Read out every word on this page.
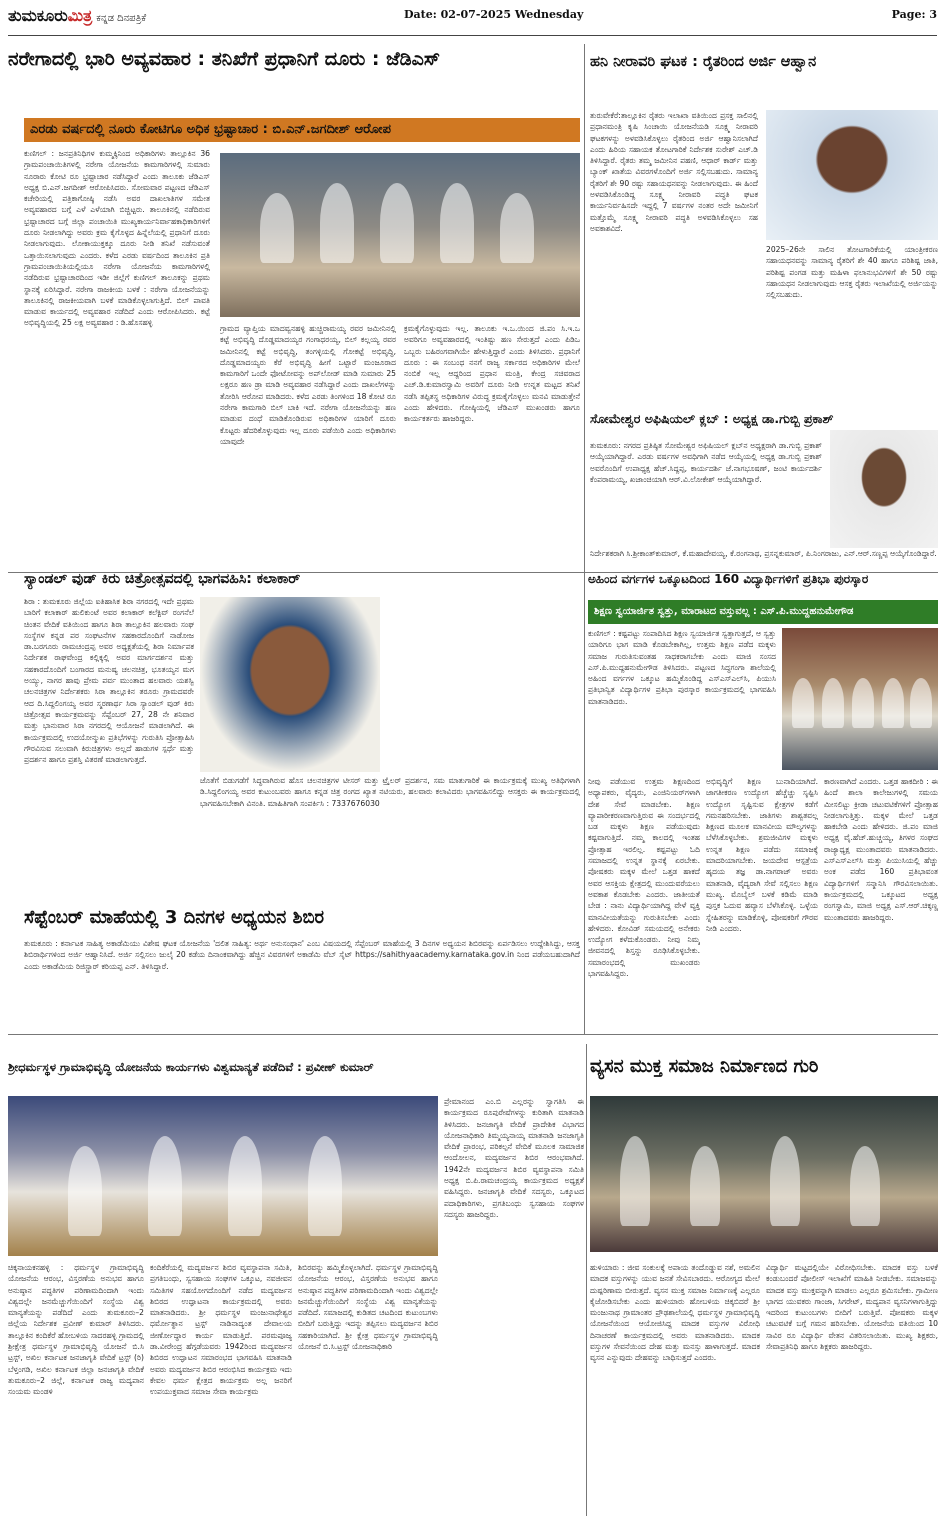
ತುಮಕೂರುಮಿತ್ರ ಕನ್ನಡ ದಿನಪತ್ರಿಕೆ	Date: 02-07-2025 Wednesday	Page: 3
ನರೇಗಾದಲ್ಲಿ ಭಾರಿ ಅವ್ಯವಹಾರ : ತನಿಖೆಗೆ ಪ್ರಧಾನಿಗೆ ದೂರು : ಜೆಡಿಎಸ್
ಎರಡು ವರ್ಷದಲ್ಲಿ ನೂರು ಕೋಟಿಗೂ ಅಧಿಕ ಭ್ರಷ್ಟಾಚಾರ : ಬಿ.ಎನ್.ಜಗದೀಶ್ ಆರೋಪ
ಕುಣಿಗಲ್ : ಜನಪ್ರತಿನಿಧಿಗಳ ಕುಮ್ಮಕ್ಕಿನಿಂದ ಅಧಿಕಾರಿಗಳು ತಾಲ್ಲೂಕಿನ 36 ಗ್ರಾಮಪಂಚಾಯಿತಿಗಳಲ್ಲಿ ನರೇಗಾ ಯೋಜನೆಯ ಕಾಮಗಾರಿಗಳಲ್ಲಿ ಸುಮಾರು ನೂರಾರು ಕೋಟಿ ರೂ ಭ್ರಷ್ಟಾಚಾರ ನಡೆಸಿದ್ದಾರೆ ಎಂದು ತಾಲೂಕು ಜೆಡಿಎಸ್ ಅಧ್ಯಕ್ಷ ಬಿ.ಎನ್.ಜಗದೀಶ್ ಆರೋಪಿಸಿದರು. ಸೋಮವಾರ ಪಟ್ಟಣದ ಜೆಡಿಎಸ್ ಕಚೇರಿಯಲ್ಲಿ ಪತ್ರಿಕಾಗೋಷ್ಠಿ ನಡೆಸಿ ಅವರ ದಾಖಲಾತಿಗಳ ಸಮೇತ ಅವ್ಯವಹಾರದ ಬಗ್ಗೆ ಎಳೆ ಎಳೆಯಾಗಿ ಬಿಚ್ಚಿಟ್ಟರು. ತಾಲೂಕಿನಲ್ಲಿ ನಡೆದಿರುವ ಭ್ರಷ್ಟಾಚಾರದ ಬಗ್ಗೆ ಜಿಲ್ಲಾ ಪಂಚಾಯಿತಿ ಮುಖ್ಯಕಾರ್ಯನಿರ್ವಾಹಕಾಧಿಕಾರಿಗಳಿಗೆ ದೂರು ನೀಡಲಾಗಿದ್ದು ಅವರು ಕ್ರಮ ಕೈಗೊಳ್ಳದ ಹಿನ್ನೆಲೆಯಲ್ಲಿ ಪ್ರಧಾನಿಗೆ ದೂರು ನೀಡಲಾಗುವುದು. ಲೋಕಾಯುಕ್ತಕ್ಕೂ ದೂರು ನೀಡಿ ತನಿಖೆ ನಡೆಸುವಂತೆ ಒತ್ತಾಯಿಸಲಾಗುವುದು ಎಂದರು. ಕಳೆದ ಎರಡು ವರ್ಷದಿಂದ ತಾಲೂಕಿನ ಪ್ರತಿ ಗ್ರಾಮಪಂಚಾಯಿತಿಯಲ್ಲಿಯೂ ನರೇಗಾ ಯೋಜನೆಯ ಕಾಮಗಾರಿಗಳಲ್ಲಿ ನಡೆದಿರುವ ಭ್ರಷ್ಟಾಚಾರದಿಂದ ಇಡೀ ಜಿಲ್ಲೆಗೆ ಕುಣಿಗಲ್ ತಾಲೂಕನ್ನು ಪ್ರಥಮ ಸ್ಥಾನಕ್ಕೆ ಏರಿಸಿದ್ದಾರೆ. ನರೇಗಾ ರಾಜಕೀಯ ಬಳಕೆ : ನರೇಗಾ ಯೋಜನೆಯನ್ನು ತಾಲೂಕಿನಲ್ಲಿ ರಾಜಕೀಯವಾಗಿ ಬಳಕೆ ಮಾಡಿಕೊಳ್ಳಲಾಗುತ್ತಿದೆ. ಬಿಲ್ ಪಾವತಿ ಮಾಡುವ ಕಾರ್ಯದಲ್ಲಿ ಅವ್ಯವಹಾರ ನಡೆದಿದೆ ಎಂದು ಆರೋಪಿಸಿದರು. ಕಟ್ಟೆ ಅಭಿವೃದ್ಧಿಯಲ್ಲಿ 25 ಲಕ್ಷ ಅವ್ಯವಹಾರ : ಡಿ.ಹೊಸಹಳ್ಳಿ
ಗ್ರಾಮದ ವ್ಯಾಪ್ತಿಯ ಮಾದವ್ವನಹಳ್ಳಿ ಹುಚ್ಚಿರಾಮಯ್ಯ ರವರ ಜಮೀನಿನಲ್ಲಿ ಕಟ್ಟೆ ಅಭಿವೃದ್ಧಿ ದೊಡ್ಡಮಾದಯ್ಯರ ಗಂಗಾಧರಯ್ಯ, ಬಿಲ್ ಕಲ್ಲಯ್ಯ ರವರ ಜಮೀನಿನಲ್ಲಿ ಕಟ್ಟೆ ಅಭಿವೃದ್ಧಿ, ತಂಗಳ್ಳಿಯಲ್ಲಿ ಗೋಕಟ್ಟೆ ಅಭಿವೃದ್ಧಿ, ದೊಡ್ಡಮಾದಯ್ಯರು ಕೆರೆ ಅಭಿವೃದ್ಧಿ ಹೀಗೆ ಒಟ್ಟಾರೆ ಮಂಜೂರಾದ ಕಾಮಗಾರಿಗೆ ಒಂದೇ ಫೋಟೋವನ್ನು ಅಪ್‌ಲೋಡ್ ಮಾಡಿ ಸುಮಾರು 25 ಲಕ್ಷರೂ ಹಣ ಡ್ರಾ ಮಾಡಿ ಅವ್ಯವಹಾರ ನಡೆಸಿದ್ದಾರೆ ಎಂದು ದಾಖಲೆಗಳನ್ನು ತೋರಿಸಿ ಆರೋಪ ಮಾಡಿದರು. ಕಳೆದ ಎರಡು ತಿಂಗಳಿಂದ 18 ಕೋಟಿ ರೂ ನರೇಗಾ ಕಾಮಗಾರಿ ಬಿಲ್ ಬಾಕಿ ಇದೆ. ನರೇಗಾ ಯೋಜನೆಯನ್ನು ಹಣ ಮಾಡುವ ದಂಧೆ ಮಾಡಿಕೊಂಡಿರುವ ಅಧಿಕಾರಿಗಳ ಯಾರಿಗೆ ದೂರು ಕೊಟ್ಟರು ಹೆದರಿಕೊಳ್ಳುವುದು ಇಲ್ಲ ದೂರು ಪಡೆಯಿರಿ ಎಂದು ಅಧಿಕಾರಿಗಳು ಯಾವುದೇ
ಕ್ರಮಕೈಗೊಳ್ಳುವುದು ಇಲ್ಲ. ತಾಲೂಕು ಇ.ಒ.ಯಿಂದ ಜಿ.ಪಂ ಸಿ.ಇ.ಒ ಅವರಿಗೂ ಅವ್ಯವಹಾರದಲ್ಲಿ ಇಂತಿಷ್ಟು ಹಣ ಸೇರುತ್ತದೆ ಎಂದು ಪಿಡಿಒ ಒಬ್ಬರು ಬಹಿರಂಗವಾಗಿಯೇ ಹೇಳುತ್ತಿದ್ದಾರೆ ಎಂದು ತಿಳಿಸಿದರು. ಪ್ರಧಾನಿಗೆ ದೂರು : ಈ ಸಂಬಂಧ ನನಗೆ ರಾಜ್ಯ ಸರ್ಕಾರದ ಅಧಿಕಾರಿಗಳ ಮೇಲೆ ನಂಬಿಕೆ ಇಲ್ಲ ಆದ್ದರಿಂದ ಪ್ರಧಾನ ಮಂತ್ರಿ, ಕೇಂದ್ರ ಸಚಿವರಾದ ಎಚ್.ಡಿ.ಕುಮಾರಸ್ವಾಮಿ ಅವರಿಗೆ ದೂರು ನೀಡಿ ಉನ್ನತ ಮಟ್ಟದ ತನಿಖೆ ನಡೆಸಿ ತಪ್ಪಿತಸ್ಥ ಅಧಿಕಾರಿಗಳ ವಿರುದ್ಧ ಕ್ರಮಕೈಗೊಳ್ಳಲು ಮನವಿ ಮಾಡುತ್ತೇನೆ ಎಂದು ಹೇಳಿದರು. ಗೋಷ್ಠಿಯಲ್ಲಿ ಜೆಡಿಎಸ್ ಮುಖಂಡರು ಹಾಗೂ ಕಾರ್ಯಕರ್ತರು ಹಾಜರಿದ್ದರು.
ಹನಿ ನೀರಾವರಿ ಘಟಕ : ರೈತರಿಂದ ಅರ್ಜಿ ಆಹ್ವಾನ
ತುರುವೇಕೆರೆ:ತಾಲ್ಲೂಕಿನ ರೈತರು ಇಲಾಖಾ ವತಿಯಿಂದ ಪ್ರಸಕ್ತ ಸಾಲಿನಲ್ಲಿ ಪ್ರಧಾನಮಂತ್ರಿ ಕೃಷಿ ಸಿಂಚಾಯಿ ಯೋಜನೆಯಡಿ ಸೂಕ್ಷ್ಮ ನೀರಾವರಿ ಘಟಕಗಳನ್ನು ಅಳವಡಿಸಿಕೊಳ್ಳಲು ರೈತರಿಂದ ಅರ್ಜಿ ಆಹ್ವಾನಿಸಲಾಗಿದೆ ಎಂದು ಹಿರಿಯ ಸಹಾಯಕ ತೋಟಗಾರಿಕೆ ನಿರ್ದೇಶಕ ಸುರೇಶ್ ಎಚ್.ಡಿ ತಿಳಿಸಿದ್ದಾರೆ. ರೈತರು ತಮ್ಮ ಜಮೀನಿನ ಪಹಣಿ, ಆಧಾರ್ ಕಾರ್ಡ್ ಮತ್ತು ಬ್ಯಾಂಕ್ ಖಾತೆಯ ವಿವರಗಳೊಂದಿಗೆ ಅರ್ಜಿ ಸಲ್ಲಿಸಬಹುದು. ಸಾಮಾನ್ಯ ರೈತರಿಗೆ ಶೇ 90 ರಷ್ಟು ಸಹಾಯಧನವನ್ನು ನೀಡಲಾಗುವುದು. ಈ ಹಿಂದೆ ಅಳವಡಿಸಿಕೊಂಡಿದ್ದ ಸೂಕ್ಷ್ಮ ನೀರಾವರಿ ಪದ್ಧತಿ ಘಟಕ ಕಾರ್ಯನಿರ್ವಹಿಸದೇ ಇದ್ದಲ್ಲಿ 7 ವರ್ಷಗಳ ನಂತರ ಅದೇ ಜಮೀನಿಗೆ ಮತ್ತೊಮ್ಮೆ ಸೂಕ್ಷ್ಮ ನೀರಾವರಿ ಪದ್ಧತಿ ಅಳವಡಿಸಿಕೊಳ್ಳಲು ಸಹ ಅವಕಾಶವಿದೆ.
2025–26ನೇ ಸಾಲಿನ ತೋಟಗಾರಿಕೆಯಲ್ಲಿ ಯಾಂತ್ರೀಕರಣ ಸಹಾಯಧನವನ್ನು ಸಾಮಾನ್ಯ ರೈತರಿಗೆ ಶೇ 40 ಹಾಗೂ ಪರಿಶಿಷ್ಟ ಜಾತಿ, ಪರಿಶಿಷ್ಟ ಪಂಗಡ ಮತ್ತು ಮಹಿಳಾ ಫಲಾನುಭವಿಗಳಿಗೆ ಶೇ 50 ರಷ್ಟು ಸಹಾಯಧನ ನೀಡಲಾಗುವುದು ಆಸಕ್ತ ರೈತರು ಇಲಾಖೆಯಲ್ಲಿ ಅರ್ಜಿಯನ್ನು ಸಲ್ಲಿಸಬಹುದು.
ಸೋಮೇಶ್ವರ ಅಫಿಷಿಯಲ್ ಕ್ಲಬ್ : ಅಧ್ಯಕ್ಷ ಡಾ.ಗುಬ್ಬಿ ಪ್ರಕಾಶ್
ತುಮಕೂರು: ನಗರದ ಪ್ರತಿಷ್ಠಿತ ಸೋಮೇಶ್ವರ ಅಫಿಷಿಯಲ್ ಕ್ಲಬ್‌ನ ಅಧ್ಯಕ್ಷರಾಗಿ ಡಾ.ಗುಬ್ಬಿ ಪ್ರಕಾಶ್ ಆಯ್ಕೆಯಾಗಿದ್ದಾರೆ. ಎರಡು ವರ್ಷಗಳ ಅವಧಿಗಾಗಿ ನಡೆದ ಆಯ್ಕೆಯಲ್ಲಿ ಅಧ್ಯಕ್ಷ ಡಾ.ಗುಬ್ಬಿ ಪ್ರಕಾಶ್ ಅವರೊಂದಿಗೆ ಉಪಾಧ್ಯಕ್ಷ ಹೆಚ್.ಸಿದ್ದಪ್ಪ, ಕಾರ್ಯದರ್ಶಿ ಜೆ.ನಾಗಭೂಷಣ್, ಜಂಟಿ ಕಾರ್ಯದರ್ಶಿ ಕೆಂಪರಾಮಯ್ಯ, ಖಜಾಂಚಿಯಾಗಿ ಆರ್.ವಿ.ಲೋಕೇಶ್ ಆಯ್ಕೆಯಾಗಿದ್ದಾರೆ.
ನಿರ್ದೇಶಕರಾಗಿ ಸಿ.ಶ್ರೀಕಾಂತ್‌ಕುಮಾರ್, ಕೆ.ಮಹಾದೇವಯ್ಯ, ಕೆ.ರಂಗನಾಥ, ಪ್ರಸನ್ನಕುಮಾರ್, ಪಿ.ನಿಂಗರಾಜು, ಎನ್.ಆರ್.ಸಣ್ಣಪ್ಪ ಆಯ್ಕೆಗೊಂಡಿದ್ದಾರೆ.
ಸ್ಯಾಂಡಲ್ ವುಡ್ ಕಿರು ಚಿತ್ರೋತ್ಸವದಲ್ಲಿ ಭಾಗವಹಿಸಿ: ಕಲಾಕಾರ್
ಶಿರಾ : ತುಮಕೂರು ಜಿಲ್ಲೆಯ ಐತಿಹಾಸಿಕ ಶಿರಾ ನಗರದಲ್ಲಿ ಇದೇ ಪ್ರಥಮ ಬಾರಿಗೆ ಕಲಾಕಾರ್ ಹುಲಿಕುಂಟೆ ಅವರ ಕಲಾಕಾರ್ ಕಲೆಕ್ಟಿವ್ ರಂಗನೆಲೆ ಚಿಂತನ ವೇದಿಕೆ ವತಿಯಿಂದ ಹಾಗೂ ಶಿರಾ ತಾಲ್ಲೂಕಿನ ಹಲವಾರು ಸಂಘ ಸಂಸ್ಥೆಗಳ ಕನ್ನಡ ಪರ ಸಂಘಟನೆಗಳ ಸಹಕಾರದೊಂದಿಗೆ ನಾಡೋಜ ಡಾ.ಬರಗೂರು ರಾಮಚಂದ್ರಪ್ಪ ಅವರ ಅಧ್ಯಕ್ಷತೆಯಲ್ಲಿ ಶಿರಾ ನಿರ್ಮಾಪಕ ನಿರ್ದೇಶಕ ರಾಘವೇಂದ್ರ ಕಲ್ಲಿಕ್ಕಲ್ಲಿ ಅವರ ಮಾರ್ಗದರ್ಶನ ಮತ್ತು ಸಹಕಾರದೊಂದಿಗೆ ಬಂಗಾರದ ಮನುಷ್ಯ ಚಲನಚಿತ್ರ, ಭೂತಯ್ಯನ ಮಗ ಅಯ್ಯು, ನಾಗರ ಹಾವು ಪ್ರೇಮ ಪರ್ವ ಮುಂತಾದ ಹಲವಾರು ಯಶಸ್ವಿ ಚಲನಚಿತ್ರಗಳ ನಿರ್ದೇಶಕರು ಸಿರಾ ತಾಲ್ಲೂಕಿನ ತರೂರು ಗ್ರಾಮದವರೇ ಆದ ದಿ.ಸಿದ್ದಲಿಂಗಯ್ಯ ಅವರ ಸ್ಮರಣಾರ್ಥ ಸಿರಾ ಸ್ಯಾಂಡಲ್ ವುಡ್ ಕಿರು ಚಿತ್ರೋತ್ಸವ ಕಾರ್ಯಕ್ರಮವನ್ನು ಸೆಪ್ಟೆಂಬರ್ 27, 28 ನೇ ಶನಿವಾರ ಮತ್ತು ಭಾನುವಾರ ಸಿರಾ ನಗರದಲ್ಲಿ ಆಯೋಜನೆ ಮಾಡಲಾಗಿದೆ. ಈ ಕಾರ್ಯಕ್ರಮದಲ್ಲಿ ಉದಯೋನ್ಮುಖ ಪ್ರತಿಭೆಗಳನ್ನು ಗುರುತಿಸಿ ಪ್ರೋತ್ಸಾಹಿಸಿ ಗೌರವಿಸುವ ಸಲುವಾಗಿ ಕಿರುಚಿತ್ರಗಳು ಅಲ್ಲದೆ ಹಾಡುಗಳ ಸ್ಪರ್ಧೆ ಮತ್ತು ಪ್ರದರ್ಶನ ಹಾಗೂ ಪ್ರಶಸ್ತಿ ವಿತರಣೆ ಮಾಡಲಾಗುತ್ತದೆ.
ಜೊತೆಗೆ ಬಿಡುಗಡೆಗೆ ಸಿದ್ಧವಾಗಿರುವ ಹೊಸ ಚಲನಚಿತ್ರಗಳ ಟೀಸರ್ ಮತ್ತು ಟ್ರೈಲರ್ ಪ್ರದರ್ಶನ, ಸಮ ಮಾತುಗಾರಿಕೆ ಈ ಕಾರ್ಯಕ್ರಮಕ್ಕೆ ಮುಖ್ಯ ಅತಿಥಿಗಳಾಗಿ ಡಿ.ಸಿದ್ದಲಿಂಗಯ್ಯ ಅವರ ಕುಟುಂಬವರು ಹಾಗೂ ಕನ್ನಡ ಚಿತ್ರ ರಂಗದ ಖ್ಯಾತ ನಟಿಯರು, ಹಲವಾರು ಕಲಾವಿದರು ಭಾಗವಹಿಸಲಿದ್ದು ಆಸಕ್ತರು ಈ ಕಾರ್ಯಕ್ರಮದಲ್ಲಿ ಭಾಗವಹಿಸಬೇಕಾಗಿ ವಿನಂತಿ. ಮಾಹಿತಿಗಾಗಿ ಸಂಪರ್ಕಿಸಿ : 7337676030
ಸೆಪ್ಟೆಂಬರ್ ಮಾಹೆಯಲ್ಲಿ 3 ದಿನಗಳ ಅಧ್ಯಯನ ಶಿಬಿರ
ತುಮಕೂರು : ಕರ್ನಾಟಕ ಸಾಹಿತ್ಯ ಅಕಾಡೆಮಿಯು ವಿಶೇಷ ಘಟಕ ಯೋಜನೆಯ 'ದಲಿತ ಸಾಹಿತ್ಯ: ಅರ್ಥ ಅನುಸಂಧಾನ' ಎಂಬ ವಿಷಯದಲ್ಲಿ ಸೆಪ್ಟೆಂಬರ್ ಮಾಹೆಯಲ್ಲಿ 3 ದಿನಗಳ ಅಧ್ಯಯನ ಶಿಬಿರವನ್ನು ಏರ್ಪಡಿಸಲು ಉದ್ದೇಶಿಸಿದ್ದು, ಆಸಕ್ತ ಶಿಬಿರಾರ್ಥಿಗಳಿಂದ ಅರ್ಜಿ ಆಹ್ವಾನಿಸಿದೆ. ಅರ್ಜಿ ಸಲ್ಲಿಸಲು ಜುಲೈ 20 ಕಡೆಯ ದಿನಾಂಕವಾಗಿದ್ದು ಹೆಚ್ಚಿನ ವಿವರಗಳಿಗೆ ಅಕಾಡೆಮಿ ವೆಬ್ ಸೈಟ್ https://sahithyaacademy.karnataka.gov.in ನಿಂದ ಪಡೆಯಬಹುದಾಗಿದೆ ಎಂದು ಅಕಾಡೆಮಿಯ ರಿಜಿಸ್ಟ್ರಾರ್ ಕರಿಯಪ್ಪ ಎನ್. ತಿಳಿಸಿದ್ದಾರೆ.
ಅಹಿಂದ ವರ್ಗಗಳ ಒಕ್ಕೂಟದಿಂದ 160 ವಿದ್ಯಾರ್ಥಿಗಳಿಗೆ ಪ್ರತಿಭಾ ಪುರಸ್ಕಾರ
ಶಿಕ್ಷಣ ಸ್ವಯಾರ್ಜಿತ ಸ್ವತ್ತು, ಮಾರಾಟದ ವಸ್ತುವಲ್ಲ : ಎಸ್.ಪಿ.ಮುದ್ದಹನುಮೇಗೌಡ
ಕುಣಿಗಲ್ : ಕಷ್ಟಪಟ್ಟು ಸಂಪಾದಿಸಿದ ಶಿಕ್ಷಣ ಸ್ವಯಾರ್ಜಿತ ಸ್ವತ್ತಾಗುತ್ತದೆ, ಆ ಸ್ವತ್ತು ಯಾರಿಗೂ ಭಾಗ ಮಾಡಿ ಕೊಡಬೇಕಾಗಿಲ್ಲ, ಉತ್ತಮ ಶಿಕ್ಷಣ ಪಡೆದ ಮಕ್ಕಳು ಸಮಾಜ ಗುರುತಿಸುವಂತಹ ಸಾಧಕರಾಗಬೇಕು ಎಂದು ಮಾಜಿ ಸಂಸದ ಎಸ್.ಪಿ.ಮುದ್ದಹನುಮೇಗೌಡ ತಿಳಿಸಿದರು. ಪಟ್ಟಣದ ಸಿದ್ಧಗಂಗಾ ಶಾಲೆಯಲ್ಲಿ ಅಹಿಂದ ವರ್ಗಗಳ ಒಕ್ಕೂಟ ಹಮ್ಮಿಕೊಂಡಿದ್ದ ಎಸ್ಎಸ್ಎಲ್‌ಸಿ, ಪಿಯುಸಿ ಪ್ರತಿಭಾನ್ವಿತ ವಿದ್ಯಾರ್ಥಿಗಳ ಪ್ರತಿಭಾ ಪುರಸ್ಕಾರ ಕಾರ್ಯಕ್ರಮದಲ್ಲಿ ಭಾಗವಹಿಸಿ ಮಾತನಾಡಿದರು.
ನೀವು ಪಡೆಯುವ ಉತ್ತಮ ಶಿಕ್ಷಣದಿಂದ ಅಧ್ಯಾಪಕರು, ವೈದ್ಯರು, ಎಂಜಿನಿಯರ್‌ಗಳಾಗಿ ದೇಶ ಸೇವೆ ಮಾಡಬೇಕು. ಶಿಕ್ಷಣ ವ್ಯಾಪಾರೀಕರಣವಾಗುತ್ತಿರುವ ಈ ಸಂದರ್ಭದಲ್ಲಿ ಬಡ ಮಕ್ಕಳು ಶಿಕ್ಷಣ ಪಡೆಯುವುದು ಕಷ್ಟವಾಗುತ್ತಿದೆ. ನಮ್ಮ ಕಾಲದಲ್ಲಿ ಇಂತಹ ಪ್ರೋತ್ಸಾಹ ಇರಲಿಲ್ಲ. ಕಷ್ಟಪಟ್ಟು ಓದಿ ಸಮಾಜದಲ್ಲಿ ಉನ್ನತ ಸ್ಥಾನಕ್ಕೆ ಏರಬೇಕು. ಪೋಷಕರು ಮಕ್ಕಳ ಮೇಲೆ ಒತ್ತಡ ಹಾಕದೆ ಅವರ ಆಸಕ್ತಿಯ ಕ್ಷೇತ್ರದಲ್ಲಿ ಮುಂದುವರೆಯಲು ಅವಕಾಶ ಕೊಡಬೇಕು ಎಂದರು. ಜಾತೀಯತೆ ಬೇಡ : ನಾನು ವಿದ್ಯಾರ್ಥಿಯಾಗಿದ್ದ ವೇಳೆ ವ್ಯಕ್ತಿ ಮಾನವೀಯತೆಯನ್ನು ಗುರುತಿಸಬೇಕು ಎಂದು ಹೇಳಿದರು. ಕೋವಿಡ್ ಸಮಯದಲ್ಲಿ ಅನೇಕರು ಉದ್ಯೋಗ ಕಳೆದುಕೊಂಡರು. ನೀವು ನಿಮ್ಮ ಜೀವನದಲ್ಲಿ ಶಿಸ್ತನ್ನು ರೂಢಿಸಿಕೊಳ್ಳಬೇಕು. ಸಮಾರಂಭದಲ್ಲಿ ಮುಖಂಡರು ಭಾಗವಹಿಸಿದ್ದರು.
ಅಭಿವೃದ್ಧಿಗೆ ಶಿಕ್ಷಣ ಬುನಾದಿಯಾಗಿದೆ. ಜಾಗತೀಕರಣ ಉದ್ಯೋಗ ಹೆಚ್ಚೆಚ್ಚು ಸೃಷ್ಟಿಸಿ ಉದ್ಯೋಗ ಸೃಷ್ಟಿಸುವ ಕ್ಷೇತ್ರಗಳ ಕಡೆಗೆ ಗಮನಹರಿಸಬೇಕು. ಜಾತಿಗಳು ಶಾಶ್ವತವಲ್ಲ ಶಿಕ್ಷಣದ ಮೂಲಕ ಮಾನವೀಯ ಮೌಲ್ಯಗಳನ್ನು ಬೆಳೆಸಿಕೊಳ್ಳಬೇಕು. ಶ್ರಮಜೀವಿಗಳ ಮಕ್ಕಳು ಉನ್ನತ ಶಿಕ್ಷಣ ಪಡೆದು ಸಮಾಜಕ್ಕೆ ಮಾದರಿಯಾಗಬೇಕು. ಜಯದೇವ ಆಸ್ಪತ್ರೆಯ ಹೃದಯ ತಜ್ಞ ಡಾ.ನಾಗರಾಜ್ ಅವರು ಮಾತನಾಡಿ, ವೈದ್ಯರಾಗಿ ಸೇವೆ ಸಲ್ಲಿಸಲು ಶಿಕ್ಷಣ ಮುಖ್ಯ. ಮೊಬೈಲ್ ಬಳಕೆ ಕಡಿಮೆ ಮಾಡಿ ಪುಸ್ತಕ ಓದುವ ಹವ್ಯಾಸ ಬೆಳೆಸಿಕೊಳ್ಳಿ. ಒಳ್ಳೆಯ ಸ್ನೇಹಿತರನ್ನು ಮಾಡಿಕೊಳ್ಳಿ, ಪೋಷಕರಿಗೆ ಗೌರವ ನೀಡಿ ಎಂದರು.
ಕಾರಣವಾಗಿದೆ ಎಂದರು. ಒತ್ತಡ ಹಾಕದೀರಿ : ಈ ಹಿಂದೆ ಶಾಲಾ ಕಾಲೇಜುಗಳಲ್ಲಿ ಸಮಯ ಮೀಸಲಿಟ್ಟು ಕ್ರೀಡಾ ಚಟುವಟಿಕೆಗಳಿಗೆ ಪ್ರೋತ್ಸಾಹ ನೀಡಲಾಗುತ್ತಿತ್ತು. ಮಕ್ಕಳ ಮೇಲೆ ಒತ್ತಡ ಹಾಕಬೇಡಿ ಎಂದು ಹೇಳಿದರು. ಜಿ.ಪಂ ಮಾಜಿ ಅಧ್ಯಕ್ಷ ವೈ.ಹೆಚ್.ಹುಚ್ಚಯ್ಯ, ತಿಗಳರ ಸಂಘದ ರಾಜ್ಯಾಧ್ಯಕ್ಷ ಮುಂತಾದವರು ಮಾತನಾಡಿದರು. ಎಸ್‌ಎಸ್‌ಎಲ್‌ಸಿ ಮತ್ತು ಪಿಯುಸಿಯಲ್ಲಿ ಹೆಚ್ಚು ಅಂಕ ಪಡೆದ 160 ಪ್ರತಿಭಾವಂತ ವಿದ್ಯಾರ್ಥಿಗಳಿಗೆ ಸನ್ಮಾನಿಸಿ ಗೌರವಿಸಲಾಯಿತು. ಕಾರ್ಯಕ್ರಮದಲ್ಲಿ ಒಕ್ಕೂಟದ ಅಧ್ಯಕ್ಷ ರಂಗಸ್ವಾಮಿ, ಮಾಜಿ ಅಧ್ಯಕ್ಷ ಎಸ್.ಆರ್.ಚಿಕ್ಕಣ್ಣ ಮುಂತಾದವರು ಹಾಜರಿದ್ದರು.
ಶ್ರೀಧರ್ಮಸ್ಥಳ ಗ್ರಾಮಾಭಿವೃದ್ಧಿ ಯೋಜನೆಯ ಕಾರ್ಯಗಳು ವಿಶ್ವಮಾನ್ಯತೆ ಪಡೆದಿವೆ : ಪ್ರವೀಣ್ ಕುಮಾರ್
ಚಿಕ್ಕನಾಯಕನಹಳ್ಳಿ : ಧರ್ಮಸ್ಥಳ ಗ್ರಾಮಾಭಿವೃದ್ಧಿ ಯೋಜನೆಯ ಆರಂಭ, ವಿಸ್ತರಣೆಯ ಅನುಭವ ಹಾಗೂ ಅನುಷ್ಠಾನ ಪದ್ಧತಿಗಳ ಪರಿಣಾಮದಿಂದಾಗಿ ಇಂದು ವಿಶ್ವದಲ್ಲೇ ಜನಮೆಚ್ಚುಗೆಯಿಂದಿಗೆ ಸಂಸ್ಥೆಯ ವಿಶ್ವ ಮಾನ್ಯತೆಯನ್ನು ಪಡೆದಿದೆ ಎಂದು ತುಮಕೂರು–2 ಜಿಲ್ಲೆಯ ನಿರ್ದೇಶಕ ಪ್ರವೀಣ್ ಕುಮಾರ್ ತಿಳಿಸಿದರು. ತಾಲ್ಲೂಕಿನ ಕಂದಿಕೆರೆ ಹೋಬಳಿಯ ಸಾದರಹಳ್ಳಿ ಗ್ರಾಮದಲ್ಲಿ ಶ್ರೀಕ್ಷೇತ್ರ ಧರ್ಮಸ್ಥಳ ಗ್ರಾಮಾಭಿವೃದ್ಧಿ ಯೋಜನೆ ಬಿ.ಸಿ ಟ್ರಸ್ಟ್, ಅಖಿಲ ಕರ್ನಾಟಕ ಜನಜಾಗೃತಿ ವೇದಿಕೆ ಟ್ರಸ್ಟ್ (ರಿ) ಬೆಳ್ತಂಗಡಿ, ಅಖಿಲ ಕರ್ನಾಟಕ ಜಿಲ್ಲಾ ಜನಜಾಗೃತಿ ವೇದಿಕೆ ತುಮಕೂರು–2 ಜಿಲ್ಲೆ, ಕರ್ನಾಟಕ ರಾಜ್ಯ ಮದ್ಯಪಾನ ಸಂಯಮ ಮಂಡಳಿ
ಕಂದಿಕೆರೆಯಲ್ಲಿ ಮದ್ಯವರ್ಜನ ಶಿಬಿರ ವ್ಯವಸ್ಥಾಪನಾ ಸಮಿತಿ, ಪ್ರಗತಿಬಂಧು, ಸ್ವಸಹಾಯ ಸಂಘಗಳ ಒಕ್ಕೂಟ, ನವಜೀವನ ಸಮಿತಿಗಳ ಸಹಯೋಗದೊಂದಿಗೆ ನಡೆದ ಮದ್ಯವರ್ಜನ ಶಿಬಿರದ ಉದ್ಘಾಟನಾ ಕಾರ್ಯಕ್ರಮದಲ್ಲಿ ಅವರು ಮಾತನಾಡಿದರು. ಶ್ರೀ ಧರ್ಮಸ್ಥಳ ಮಂಜುನಾಥೇಶ್ವರ ಧರ್ಮೋತ್ಥಾನ ಟ್ರಸ್ಟ್ ನಾಡಿನಾದ್ಯಂತ ದೇವಾಲಯ ಜೀರ್ಣೋದ್ಧಾರ ಕಾರ್ಯ ಮಾಡುತ್ತಿದೆ. ಪರಮಪೂಜ್ಯ ಡಾ.ವೀರೇಂದ್ರ ಹೆಗ್ಗಡೆಯವರು 1942ರಿಂದ ಮದ್ಯವರ್ಜನ ಶಿಬಿರದ ಉದ್ಘಾಟನ ಸಮಾರಂಭದ ಭಾಗವಹಿಸಿ ಮಾತನಾಡಿ ಅವರು ಮದ್ಯವರ್ಜನ ಶಿಬಿರ ಆರಂಭಿಸಿದ ಕಾರ್ಯಕ್ರಮ ಇದು ಕೇವಲ ಧರ್ಮ ಕ್ಷೇತ್ರದ ಕಾರ್ಯಕ್ರಮ ಅಲ್ಲ ಜನರಿಗೆ ಉಪಯುಕ್ತವಾದ ಸಮಾಜ ಸೇವಾ ಕಾರ್ಯಕ್ರಮ
ಶಿಬಿರವನ್ನು ಹಮ್ಮಿಕೊಳ್ಳಲಾಗಿದೆ. ಧರ್ಮಸ್ಥಳ ಗ್ರಾಮಾಭಿವೃದ್ಧಿ ಯೋಜನೆಯ ಆರಂಭ, ವಿಸ್ತರಣೆಯ ಅನುಭವ ಹಾಗೂ ಅನುಷ್ಠಾನ ಪದ್ಧತಿಗಳ ಪರಿಣಾಮದಿಂದಾಗಿ ಇಂದು ವಿಶ್ವದಲ್ಲೇ ಜನಮೆಚ್ಚುಗೆಯಿಂದಿಗೆ ಸಂಸ್ಥೆಯ ವಿಶ್ವ ಮಾನ್ಯತೆಯನ್ನು ಪಡೆದಿದೆ. ಸಮಾಜದಲ್ಲಿ ಕುಡಿತದ ಚಟದಿಂದ ಕುಟುಂಬಗಳು ಬೀದಿಗೆ ಬರುತ್ತಿದ್ದು ಇದನ್ನು ತಪ್ಪಿಸಲು ಮದ್ಯವರ್ಜನ ಶಿಬಿರ ಸಹಕಾರಿಯಾಗಿದೆ. ಶ್ರೀ ಕ್ಷೇತ್ರ ಧರ್ಮಸ್ಥಳ ಗ್ರಾಮಾಭಿವೃದ್ಧಿ ಯೋಜನೆ ಬಿ.ಸಿ.ಟ್ರಸ್ಟ್ ಯೋಜನಾಧಿಕಾರಿ
ಪ್ರೇಮಾನಂದ ಎಂ.ಬಿ ಎಲ್ಲರನ್ನು ಸ್ವಾಗತಿಸಿ ಈ ಕಾರ್ಯಕ್ರಮದ ರೂಪುರೇಷೆಗಳನ್ನು ಕುರಿತಾಗಿ ಮಾತನಾಡಿ ತಿಳಿಸಿದರು. ಜನಜಾಗೃತಿ ವೇದಿಕೆ ಪ್ರಾದೇಶಿಕ ವಿಭಾಗದ ಯೋಜನಾಧಿಕಾರಿ ತಿಮ್ಮಯ್ಯನಾಯ್ಕ ಮಾತನಾಡಿ ಜನಜಾಗೃತಿ ವೇದಿಕೆ ಪ್ರಾರಂಭ, ಪರಿಕಲ್ಪನೆ ವೇದಿಕೆ ಮೂಲಕ ಸಾಮಾಜಿಕ ಆಂದೋಲನ, ಮದ್ಯವರ್ಜನ ಶಿಬಿರ ಆರಂಭವಾಗಿದೆ. 1942ನೇ ಮದ್ಯವರ್ಜನ ಶಿಬಿರ ವ್ಯವಸ್ಥಾಪನಾ ಸಮಿತಿ ಅಧ್ಯಕ್ಷ ಬಿ.ಪಿ.ರಾಮಚಂದ್ರಯ್ಯ ಕಾರ್ಯಕ್ರಮದ ಅಧ್ಯಕ್ಷತೆ ವಹಿಸಿದ್ದರು. ಜನಜಾಗೃತಿ ವೇದಿಕೆ ಸದಸ್ಯರು, ಒಕ್ಕೂಟದ ಪದಾಧಿಕಾರಿಗಳು, ಪ್ರಗತಿಬಂಧು ಸ್ವಸಹಾಯ ಸಂಘಗಳ ಸದಸ್ಯರು ಹಾಜರಿದ್ದರು.
ವ್ಯಸನ ಮುಕ್ತ ಸಮಾಜ ನಿರ್ಮಾಣದ ಗುರಿ
ಹುಳಿಯಾರು : ಜೀವ ಸಂಕುಲಕ್ಕೆ ಅಪಾಯ ತಂದೊಡ್ಡುವ ನಶೆ, ಅಮಲಿನ ಮಾದಕ ವಸ್ತುಗಳನ್ನು ಯುವ ಜನತೆ ಸೇವಿಸಬಾರದು. ಆರೋಗ್ಯದ ಮೇಲೆ ದುಷ್ಪರಿಣಾಮ ಬೀರುತ್ತದೆ. ವ್ಯಸನ ಮುಕ್ತ ಸಮಾಜ ನಿರ್ಮಾಣಕ್ಕೆ ಎಲ್ಲರೂ ಕೈಜೋಡಿಸಬೇಕು ಎಂದು ಹುಳಿಯಾರು ಹೋಬಳಿಯ ಚಿಕ್ಕಬಿದರೆ ಶ್ರೀ ಮಂಜುನಾಥ ಗ್ರಾಮಾಂತರ ಪ್ರೌಢಶಾಲೆಯಲ್ಲಿ ಧರ್ಮಸ್ಥಳ ಗ್ರಾಮಾಭಿವೃದ್ಧಿ ಯೋಜನೆಯಿಂದ ಆಯೋಜಿಸಿದ್ದ ಮಾದಕ ವಸ್ತುಗಳ ವಿರೋಧಿ ದಿನಾಚರಣೆ ಕಾರ್ಯಕ್ರಮದಲ್ಲಿ ಅವರು ಮಾತನಾಡಿದರು. ಮಾದಕ ವಸ್ತುಗಳ ಸೇವನೆಯಿಂದ ದೇಹ ಮತ್ತು ಮನಸ್ಸು ಹಾಳಾಗುತ್ತದೆ. ಮಾದಕ ವ್ಯಸನ ಎನ್ನುವುದು ದೇಹವನ್ನು ಬಾಧಿಸುತ್ತದೆ ಎಂದರು.
ವಿದ್ಯಾರ್ಥಿ ಮಟ್ಟದಲ್ಲಿಯೇ ವಿರೋಧಿಸಬೇಕು. ಮಾದಕ ವಸ್ತು ಬಳಕೆ ಕಂಡುಬಂದರೆ ಪೋಲೀಸ್ ಇಲಾಖೆಗೆ ಮಾಹಿತಿ ನೀಡಬೇಕು. ಸಮಾಜವನ್ನು ಮಾದಕ ವಸ್ತು ಮುಕ್ತವನ್ನಾಗಿ ಮಾಡಲು ಎಲ್ಲರೂ ಶ್ರಮಿಸಬೇಕು. ಗ್ರಾಮೀಣ ಭಾಗದ ಯುವಕರು ಗಾಂಜಾ, ಸಿಗರೇಟ್, ಮದ್ಯಪಾನ ವ್ಯಸನಿಗಳಾಗುತ್ತಿದ್ದು ಇದರಿಂದ ಕುಟುಂಬಗಳು ಬೀದಿಗೆ ಬರುತ್ತಿವೆ. ಪೋಷಕರು ಮಕ್ಕಳ ಚಟುವಟಿಕೆ ಬಗ್ಗೆ ಗಮನ ಹರಿಸಬೇಕು. ಯೋಜನೆಯ ವತಿಯಿಂದ 10 ಸಾವಿರ ರೂ ವಿದ್ಯಾರ್ಥಿ ವೇತನ ವಿತರಿಸಲಾಯಿತು. ಮುಖ್ಯ ಶಿಕ್ಷಕರು, ಸೇವಾಪ್ರತಿನಿಧಿ ಹಾಗೂ ಶಿಕ್ಷಕರು ಹಾಜರಿದ್ದರು.
